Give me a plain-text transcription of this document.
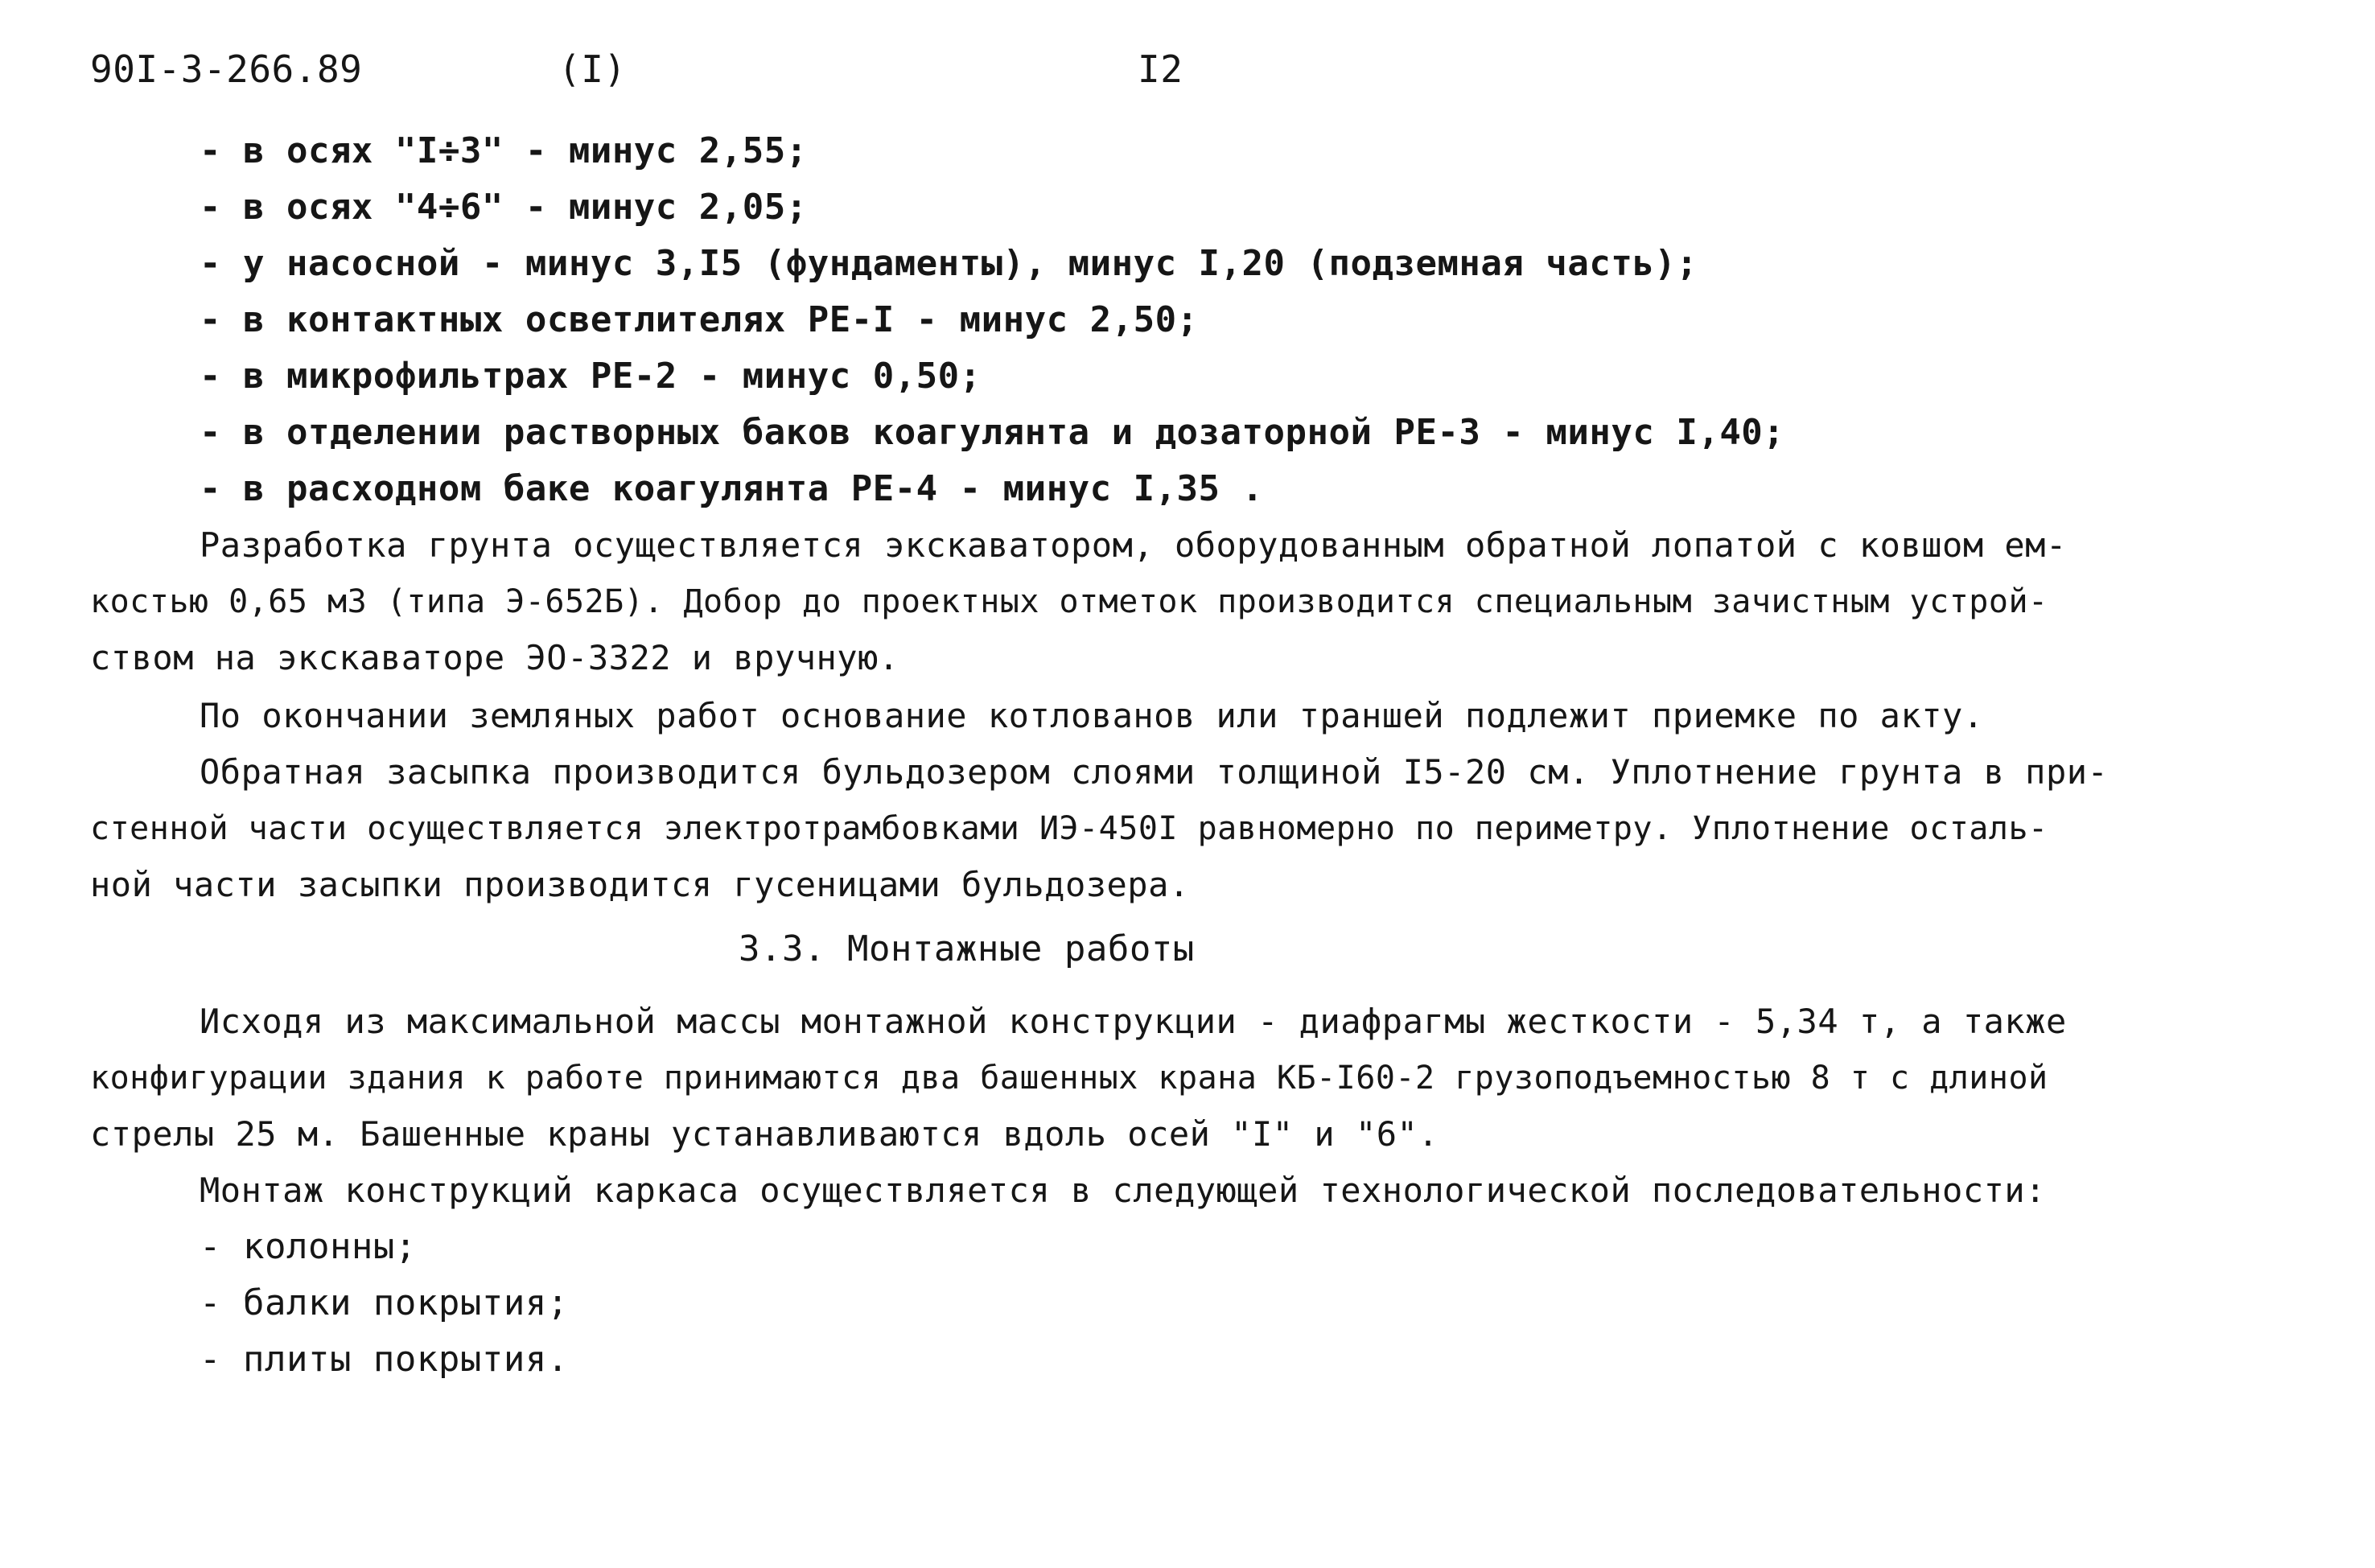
90I-3-266.89	(I)	I2
- в осях "I÷3" - минус 2,55;
- в осях "4÷6" - минус 2,05;
- у насосной - минус 3,I5 (фундаменты), минус I,20 (подземная часть);
- в контактных осветлителях PE-I - минус 2,50;
- в микрофильтрах PE-2 - минус 0,50;
- в отделении растворных баков коагулянта и дозаторной PE-3 - минус I,40;
- в расходном баке коагулянта PE-4 - минус I,35 .
Разработка грунта осуществляется экскаватором, оборудованным обратной лопатой с ковшом ем-
костью 0,65 м3 (типа Э-652Б). Добор до проектных отметок производится специальным зачистным устрой-
ством на экскаваторе ЭО-3322 и вручную.
По окончании земляных работ основание котлованов или траншей подлежит приемке по акту.
Обратная засыпка производится бульдозером слоями толщиной I5-20 см. Уплотнение грунта в при-
стенной части осуществляется электротрамбовками ИЭ-450I равномерно по периметру. Уплотнение осталь-
ной части засыпки производится гусеницами бульдозера.
3.3. Монтажные работы
Исходя из максимальной массы монтажной конструкции - диафрагмы жесткости - 5,34 т, а также
конфигурации здания к работе принимаются два башенных крана КБ-I60-2 грузоподъемностью 8 т с длиной
стрелы 25 м. Башенные краны устанавливаются вдоль осей "I" и "6".
Монтаж конструкций каркаса осуществляется в следующей технологической последовательности:
- колонны;
- балки покрытия;
- плиты покрытия.
